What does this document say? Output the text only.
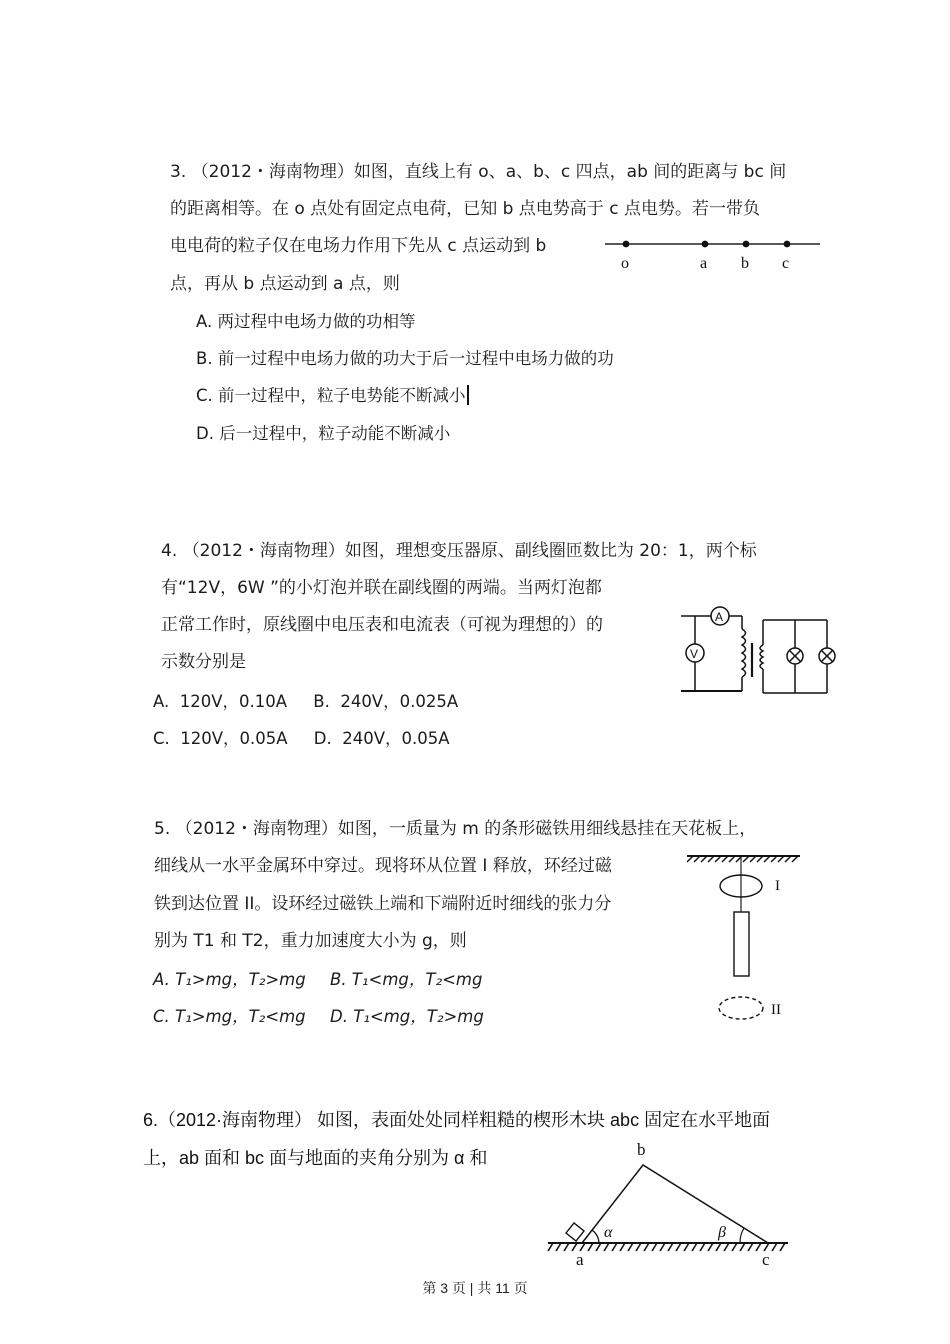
3. （2012・海南物理）如图，直线上有 o、a、b、c 四点，ab 间的距离与 bc 间
的距离相等。在 o 点处有固定点电荷，已知 b 点电势高于 c 点电势。若一带负
电电荷的粒子仅在电场力作用下先从 c 点运动到 b
点，再从 b 点运动到 a 点，则
A. 两过程中电场力做的功相等
B. 前一过程中电场力做的功大于后一过程中电场力做的功
C. 前一过程中，粒子电势能不断减小
D. 后一过程中，粒子动能不断减小
o	a b c
4. （2012・海南物理）如图，理想变压器原、副线圈匝数比为 20：1，两个标
有“12V，6W ”的小灯泡并联在副线圈的两端。当两灯泡都
正常工作时，原线圈中电压表和电流表（可视为理想的）的
示数分别是
A.  120V，0.10A     B.  240V，0.025A
C.  120V，0.05A     D.  240V，0.05A
A
V
5. （2012・海南物理）如图，一质量为 m 的条形磁铁用细线悬挂在天花板上，
细线从一水平金属环中穿过。现将环从位置 I 释放，环经过磁
铁到达位置 II。设环经过磁铁上端和下端附近时细线的张力分
别为 T1 和 T2，重力加速度大小为 g，则
A. T₁>mg，T₂>mg B. T₁<mg，T₂<mg
C. T₁>mg，T₂<mg D. T₁<mg，T₂>mg
I
II
6.（2012·海南物理） 如图，表面处处同样粗糙的楔形木块 abc 固定在水平地面
上，ab 面和 bc 面与地面的夹角分别为 α 和
α	β
b
a	c
第 3 页 | 共 11 页
